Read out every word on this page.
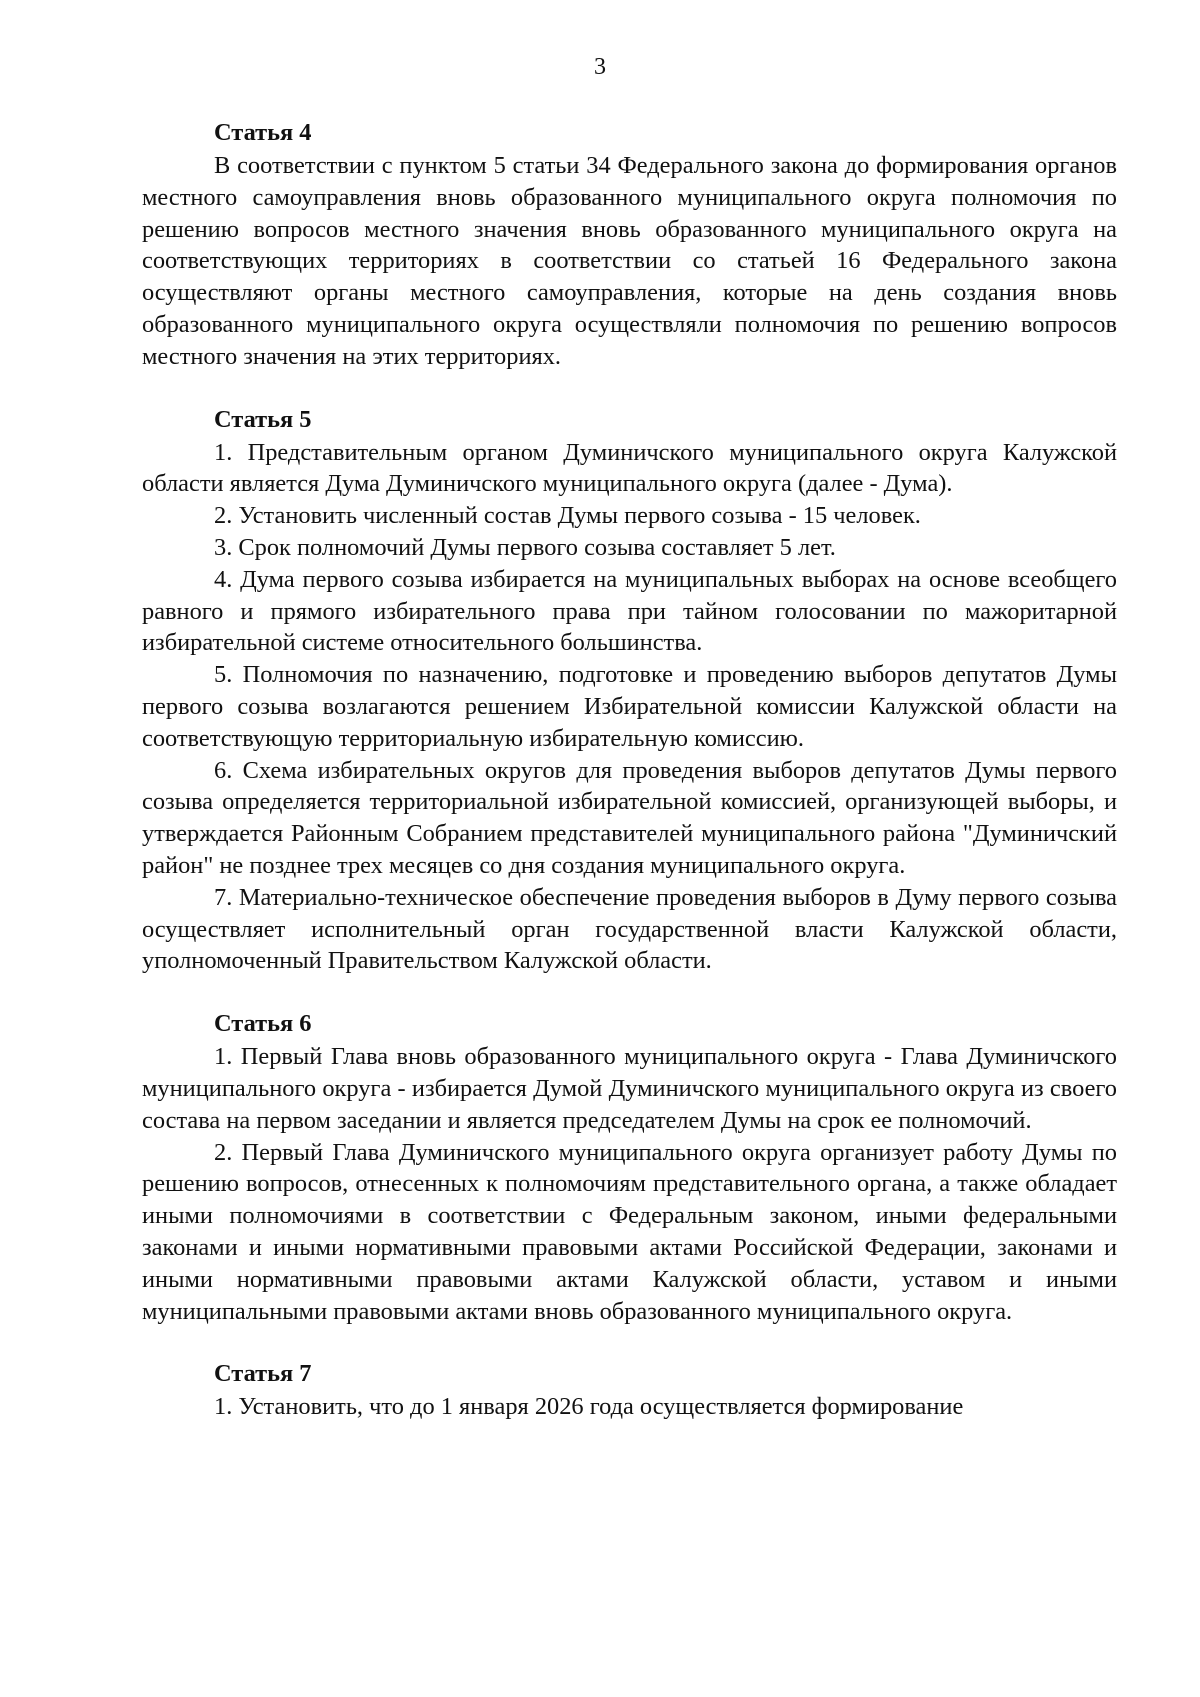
3
Статья 4

В соответствии с пунктом 5 статьи 34 Федерального закона до формирования органов местного самоуправления вновь образованного муниципального округа полномочия по решению вопросов местного значения вновь образованного муниципального округа на соответствующих территориях в соответствии со статьей 16 Федерального закона осуществляют органы местного самоуправления, которые на день создания вновь образованного муниципального округа осуществляли полномочия по решению вопросов местного значения на этих территориях.

Статья 5

1. Представительным органом Думиничского муниципального округа Калужской области является Дума Думиничского муниципального округа (далее - Дума).

2. Установить численный состав Думы первого созыва - 15 человек.

3. Срок полномочий Думы первого созыва составляет 5 лет.

4. Дума первого созыва избирается на муниципальных выборах на основе всеобщего равного и прямого избирательного права при тайном голосовании по мажоритарной избирательной системе относительного большинства.

5. Полномочия по назначению, подготовке и проведению выборов депутатов Думы первого созыва возлагаются решением Избирательной комиссии Калужской области на соответствующую территориальную избирательную комиссию.

6. Схема избирательных округов для проведения выборов депутатов Думы первого созыва определяется территориальной избирательной комиссией, организующей выборы, и утверждается Районным Собранием представителей муниципального района "Думиничский район" не позднее трех месяцев со дня создания муниципального округа.

7. Материально-техническое обеспечение проведения выборов в Думу первого созыва осуществляет исполнительный орган государственной власти Калужской области, уполномоченный Правительством Калужской области.

Статья 6

1. Первый Глава вновь образованного муниципального округа - Глава Думиничского муниципального округа - избирается Думой Думиничского муниципального округа из своего состава на первом заседании и является председателем Думы на срок ее полномочий.

2. Первый Глава Думиничского муниципального округа организует работу Думы по решению вопросов, отнесенных к полномочиям представительного органа, а также обладает иными полномочиями в соответствии с Федеральным законом, иными федеральными законами и иными нормативными правовыми актами Российской Федерации, законами и иными нормативными правовыми актами Калужской области, уставом и иными муниципальными правовыми актами вновь образованного муниципального округа.

Статья 7

1. Установить, что до 1 января 2026 года осуществляется формирование
